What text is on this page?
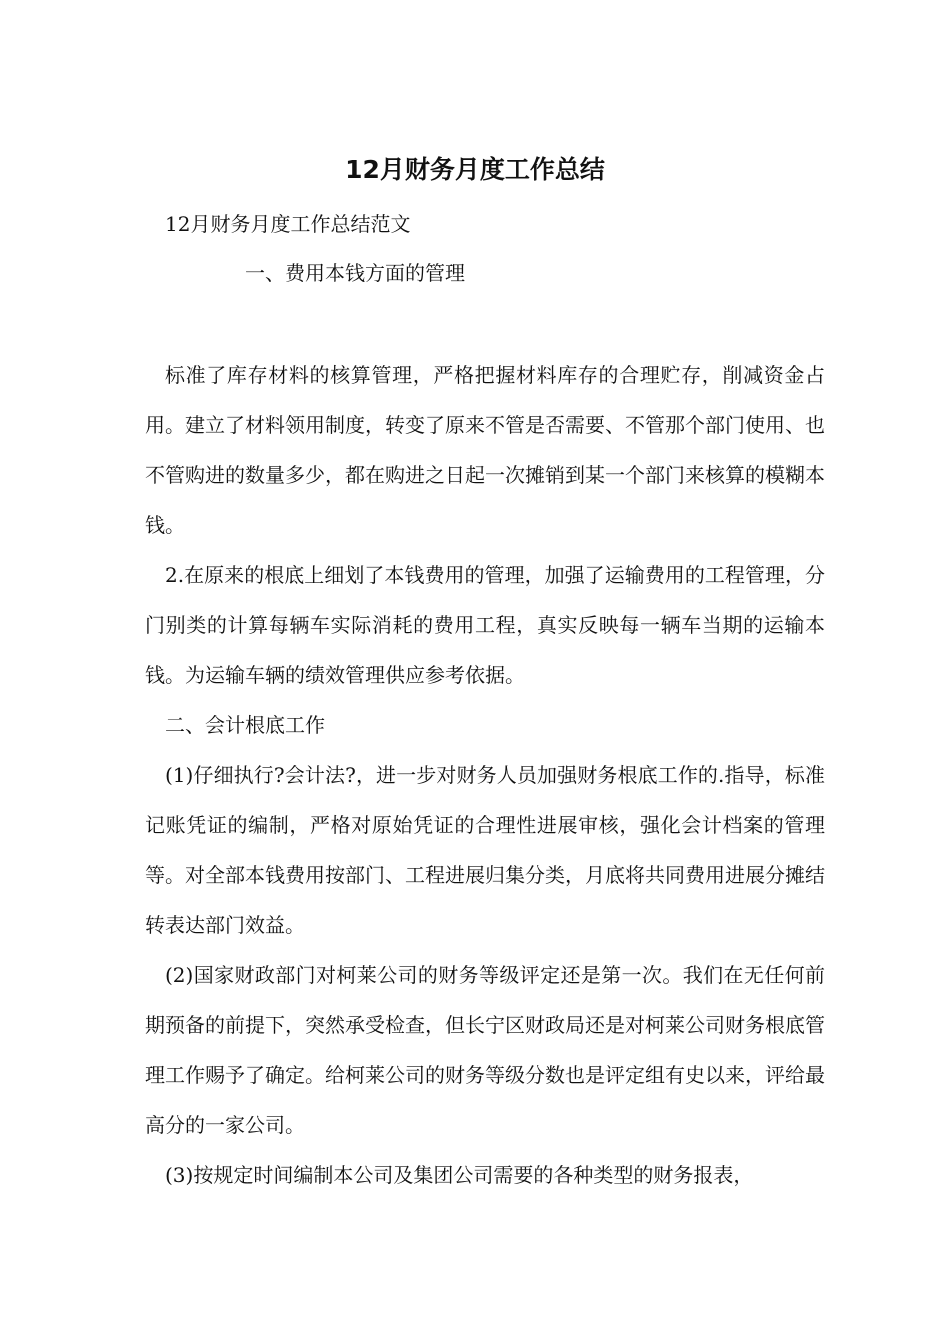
12月财务月度工作总结
12月财务月度工作总结范文
一、费用本钱方面的管理

标准了库存材料的核算管理，严格把握材料库存的合理贮存，削减资金占用。建立了材料领用制度，转变了原来不管是否需要、不管那个部门使用、也不管购进的数量多少，都在购进之日起一次摊销到某一个部门来核算的模糊本钱。

2.在原来的根底上细划了本钱费用的管理，加强了运输费用的工程管理，分门别类的计算每辆车实际消耗的费用工程，真实反映每一辆车当期的运输本钱。为运输车辆的绩效管理供应参考依据。

二、会计根底工作

(1)仔细执行?会计法?，进一步对财务人员加强财务根底工作的.指导，标准记账凭证的编制，严格对原始凭证的合理性进展审核，强化会计档案的管理等。对全部本钱费用按部门、工程进展归集分类，月底将共同费用进展分摊结转表达部门效益。

(2)国家财政部门对柯莱公司的财务等级评定还是第一次。我们在无任何前期预备的前提下，突然承受检查，但长宁区财政局还是对柯莱公司财务根底管理工作赐予了确定。给柯莱公司的财务等级分数也是评定组有史以来，评给最高分的一家公司。

(3)按规定时间编制本公司及集团公司需要的各种类型的财务报表，
